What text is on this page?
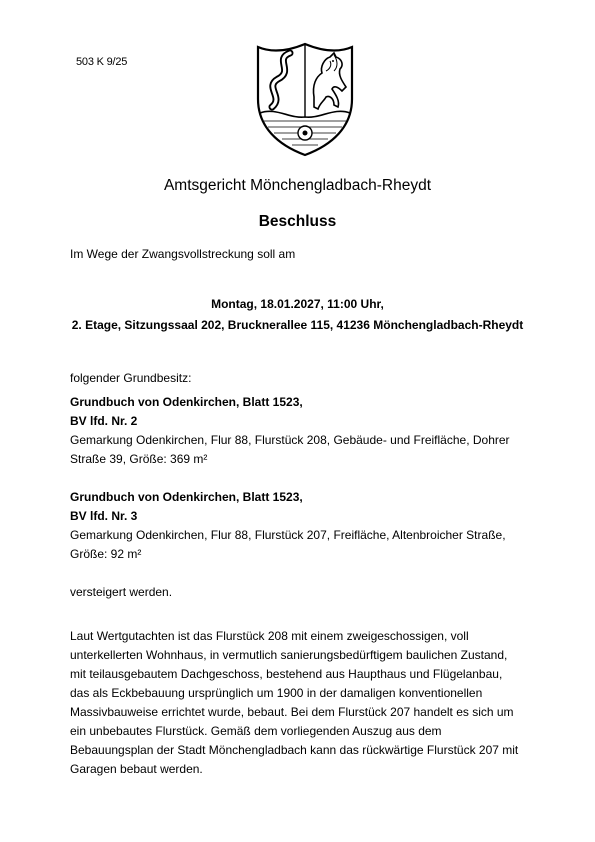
503 K 9/25
Amtsgericht Mönchengladbach-Rheydt
Beschluss
Im Wege der Zwangsvollstreckung soll am
Montag, 18.01.2027, 11:00 Uhr,
2. Etage, Sitzungssaal 202, Brucknerallee 115, 41236 Mönchengladbach-Rheydt
folgender Grundbesitz:
Grundbuch von Odenkirchen, Blatt 1523,
BV lfd. Nr. 2
Gemarkung Odenkirchen, Flur 88, Flurstück 208, Gebäude- und Freifläche, Dohrer
Straße 39, Größe: 369 m²
Grundbuch von Odenkirchen, Blatt 1523,
BV lfd. Nr. 3
Gemarkung Odenkirchen, Flur 88, Flurstück 207, Freifläche, Altenbroicher Straße,
Größe: 92 m²
versteigert werden.
Laut Wertgutachten ist das Flurstück 208 mit einem zweigeschossigen, voll
unterkellerten Wohnhaus, in vermutlich sanierungsbedürftigem baulichen Zustand,
mit teilausgebautem Dachgeschoss, bestehend aus Haupthaus und Flügelanbau,
das als Eckbebauung ursprünglich um 1900 in der damaligen konventionellen
Massivbauweise errichtet wurde, bebaut. Bei dem Flurstück 207 handelt es sich um
ein unbebautes Flurstück. Gemäß dem vorliegenden Auszug aus dem
Bebauungsplan der Stadt Mönchengladbach kann das rückwärtige Flurstück 207 mit
Garagen bebaut werden.
